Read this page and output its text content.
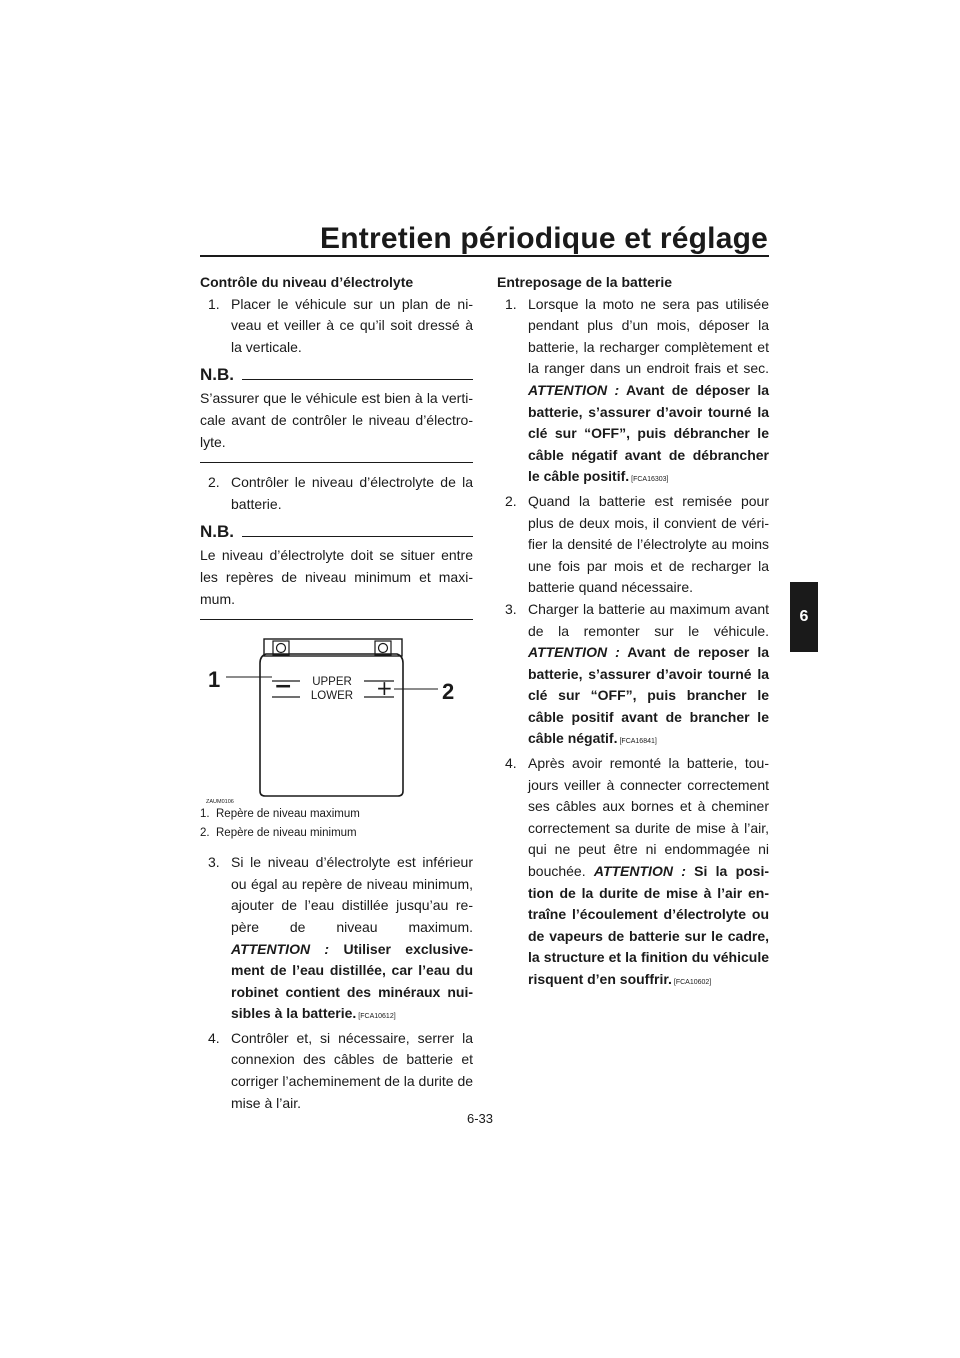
Entretien périodique et réglage
6

Contrôle du niveau d’électrolyte

1. Placer le véhicule sur un plan de ni- veau et veiller à ce qu’il soit dressé à la verticale.
N.B.

S’assurer que le véhicule est bien à la verti- cale avant de contrôler le niveau d’électro- lyte.

2. Contrôler le niveau d’électrolyte de la batterie.
N.B.

Le niveau d’électrolyte doit se situer entre les repères de niveau minimum et maxi- mum.

−	+
UPPER
LOWER
1	2
ZAUM0106
1. Repère de niveau maximum
2. Repère de niveau minimum
3. Si le niveau d’électrolyte est inférieur ou égal au repère de niveau minimum, ajouter de l’eau distillée jusqu’au re- père de niveau maximum. ATTENTION : Utiliser exclusive- ment de l’eau distillée, car l’eau du robinet contient des minéraux nui- sibles à la batterie. [FCA10612]
4. Contrôler et, si nécessaire, serrer la connexion des câbles de batterie et corriger l’acheminement de la durite de mise à l’air.

Entreposage de la batterie

1. Lorsque la moto ne sera pas utilisée pendant plus d’un mois, déposer la batterie, la recharger complètement et la ranger dans un endroit frais et sec. ATTENTION : Avant de déposer la batterie, s’assurer d’avoir tourné la clé sur “OFF”, puis débrancher le câble négatif avant de débrancher le câble positif. [FCA16303]
2. Quand la batterie est remisée pour plus de deux mois, il convient de véri- fier la densité de l’électrolyte au moins une fois par mois et de recharger la batterie quand nécessaire.
3. Charger la batterie au maximum avant de la remonter sur le véhicule. ATTENTION : Avant de reposer la batterie, s’assurer d’avoir tourné la clé sur “OFF”, puis brancher le câble positif avant de brancher le câble négatif. [FCA16841]
4. Après avoir remonté la batterie, tou- jours veiller à connecter correctement ses câbles aux bornes et à cheminer correctement sa durite de mise à l’air, qui ne peut être ni endommagée ni bouchée. ATTENTION : Si la posi- tion de la durite de mise à l’air en- traîne l’écoulement d’électrolyte ou de vapeurs de batterie sur le cadre, la structure et la finition du véhicule risquent d’en souffrir. [FCA10602]
6-33
